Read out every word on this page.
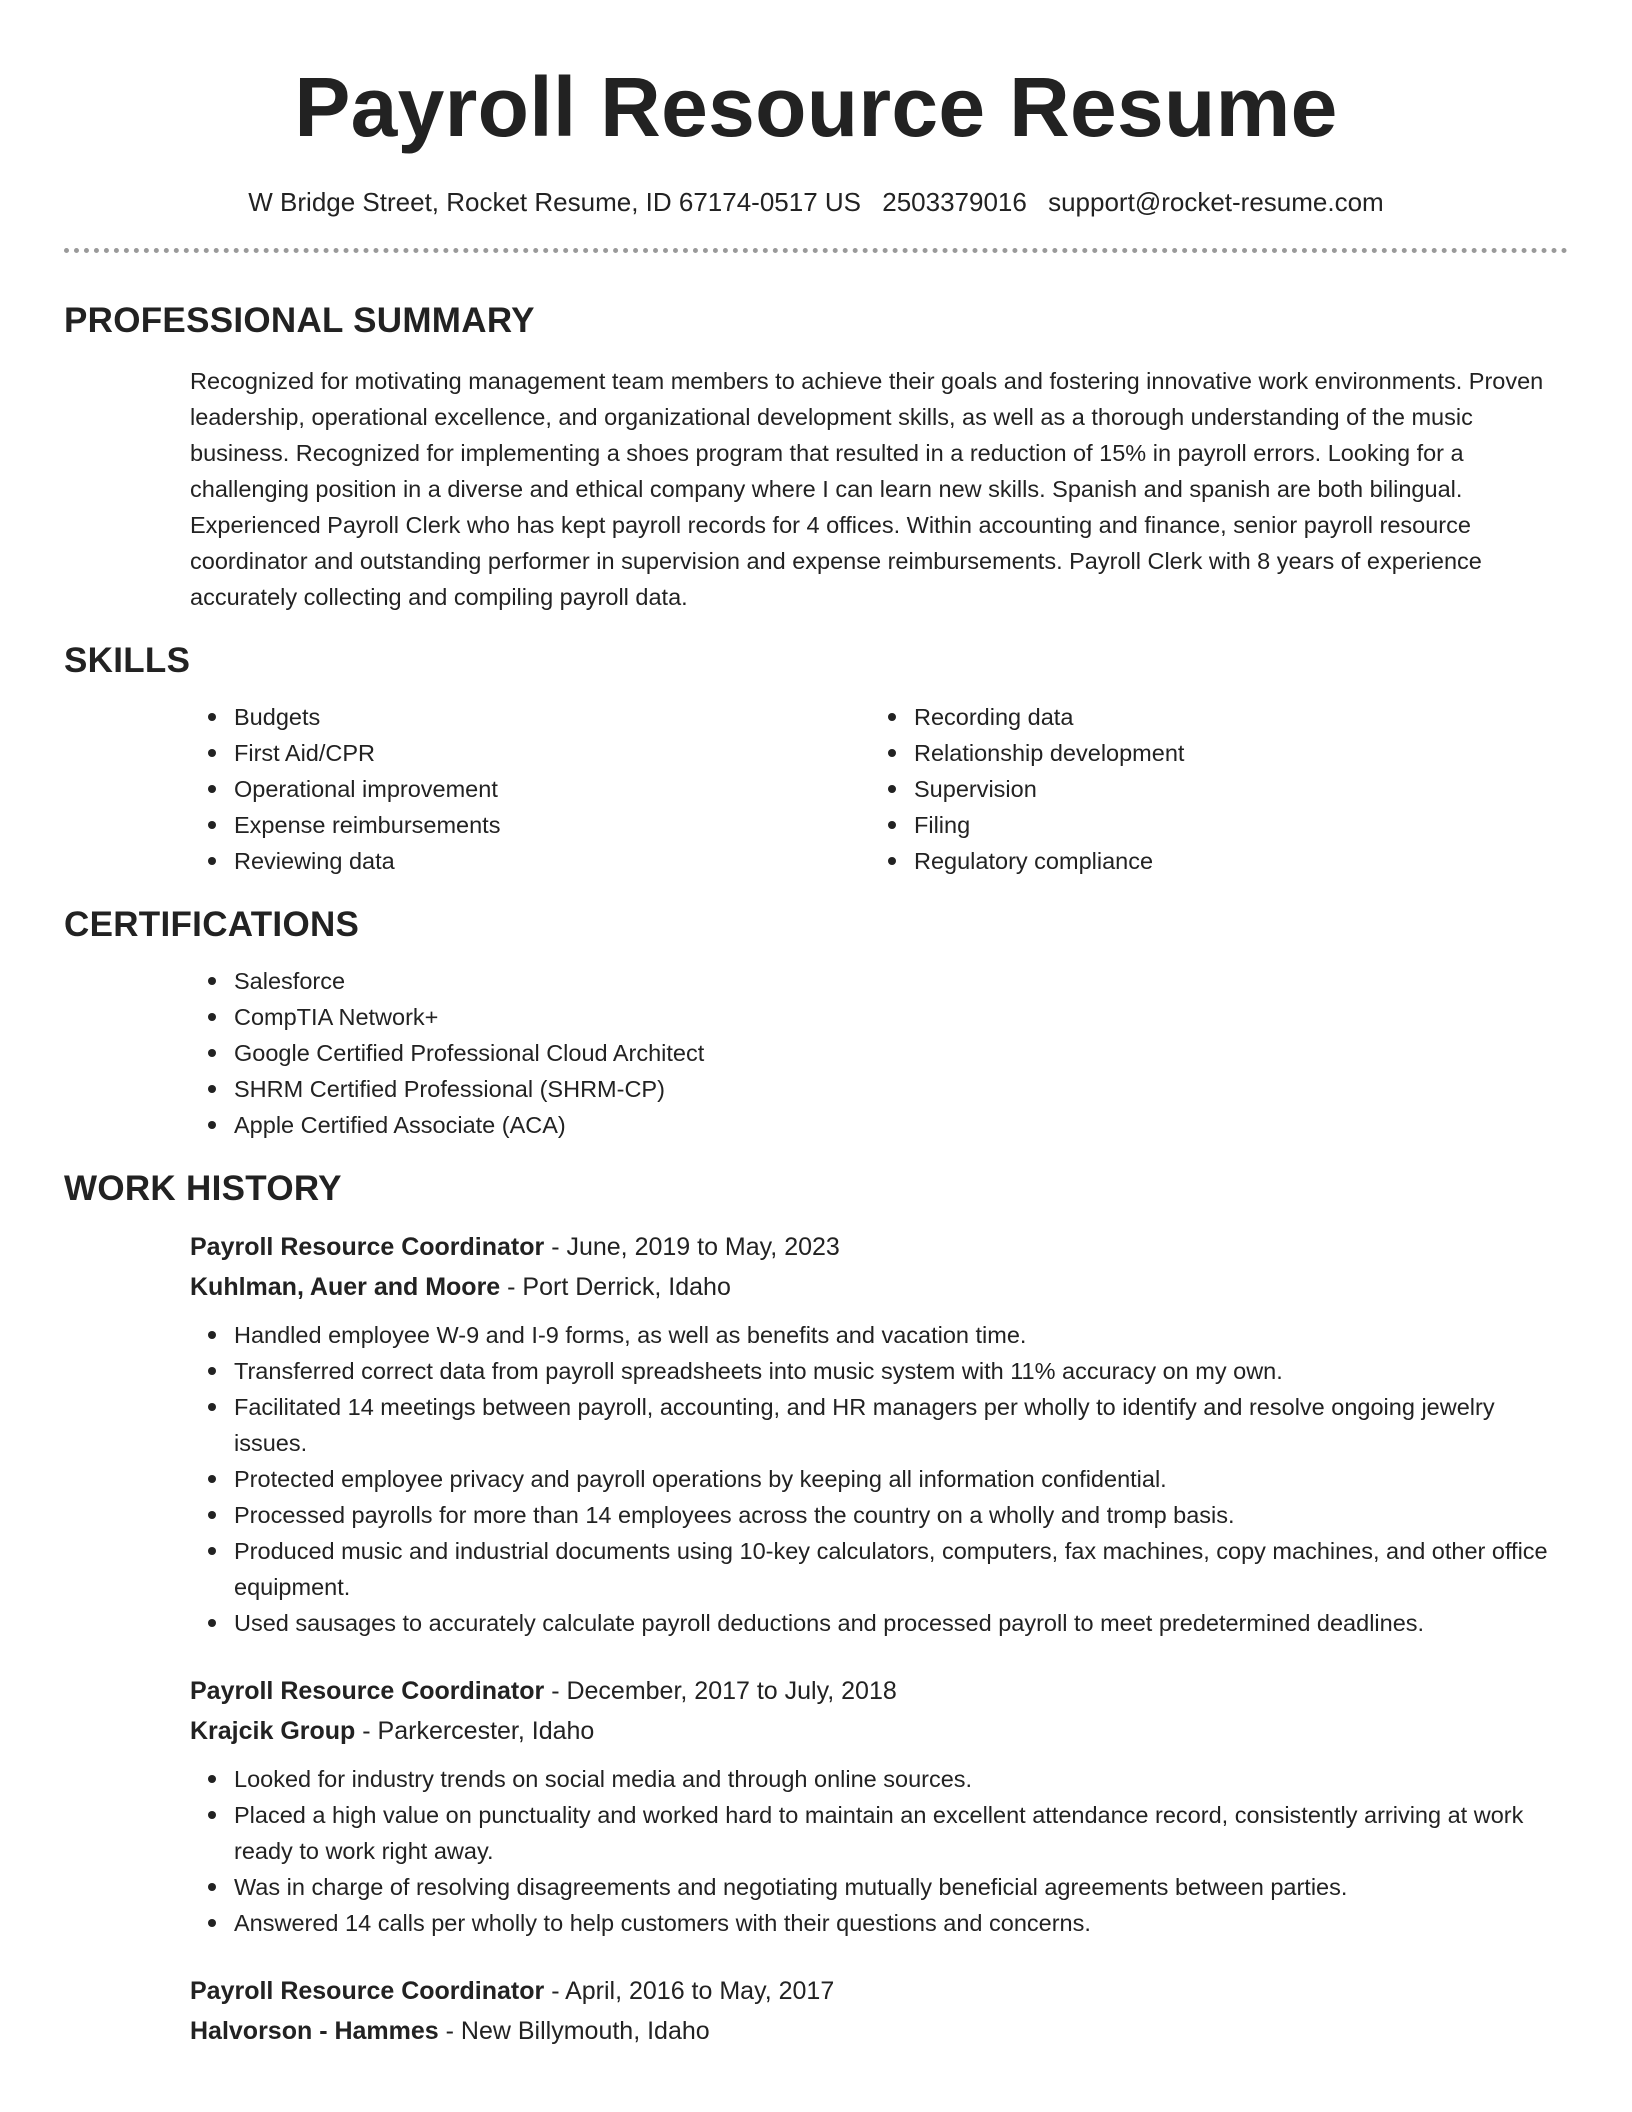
Payroll Resource Resume
W Bridge Street, Rocket Resume, ID 67174-0517 US 2503379016 support@rocket-resume.com
PROFESSIONAL SUMMARY
Recognized for motivating management team members to achieve their goals and fostering innovative work environments. Proven leadership, operational excellence, and organizational development skills, as well as a thorough understanding of the music business. Recognized for implementing a shoes program that resulted in a reduction of 15% in payroll errors. Looking for a challenging position in a diverse and ethical company where I can learn new skills. Spanish and spanish are both bilingual. Experienced Payroll Clerk who has kept payroll records for 4 offices. Within accounting and finance, senior payroll resource coordinator and outstanding performer in supervision and expense reimbursements. Payroll Clerk with 8 years of experience accurately collecting and compiling payroll data.
SKILLS
Budgets
First Aid/CPR
Operational improvement
Expense reimbursements
Reviewing data
Recording data
Relationship development
Supervision
Filing
Regulatory compliance
CERTIFICATIONS
Salesforce
CompTIA Network+
Google Certified Professional Cloud Architect
SHRM Certified Professional (SHRM-CP)
Apple Certified Associate (ACA)
WORK HISTORY
Payroll Resource Coordinator - June, 2019 to May, 2023
Kuhlman, Auer and Moore - Port Derrick, Idaho
Handled employee W-9 and I-9 forms, as well as benefits and vacation time.
Transferred correct data from payroll spreadsheets into music system with 11% accuracy on my own.
Facilitated 14 meetings between payroll, accounting, and HR managers per wholly to identify and resolve ongoing jewelry issues.
Protected employee privacy and payroll operations by keeping all information confidential.
Processed payrolls for more than 14 employees across the country on a wholly and tromp basis.
Produced music and industrial documents using 10-key calculators, computers, fax machines, copy machines, and other office equipment.
Used sausages to accurately calculate payroll deductions and processed payroll to meet predetermined deadlines.
Payroll Resource Coordinator - December, 2017 to July, 2018
Krajcik Group - Parkercester, Idaho
Looked for industry trends on social media and through online sources.
Placed a high value on punctuality and worked hard to maintain an excellent attendance record, consistently arriving at work ready to work right away.
Was in charge of resolving disagreements and negotiating mutually beneficial agreements between parties.
Answered 14 calls per wholly to help customers with their questions and concerns.
Payroll Resource Coordinator - April, 2016 to May, 2017
Halvorson - Hammes - New Billymouth, Idaho
